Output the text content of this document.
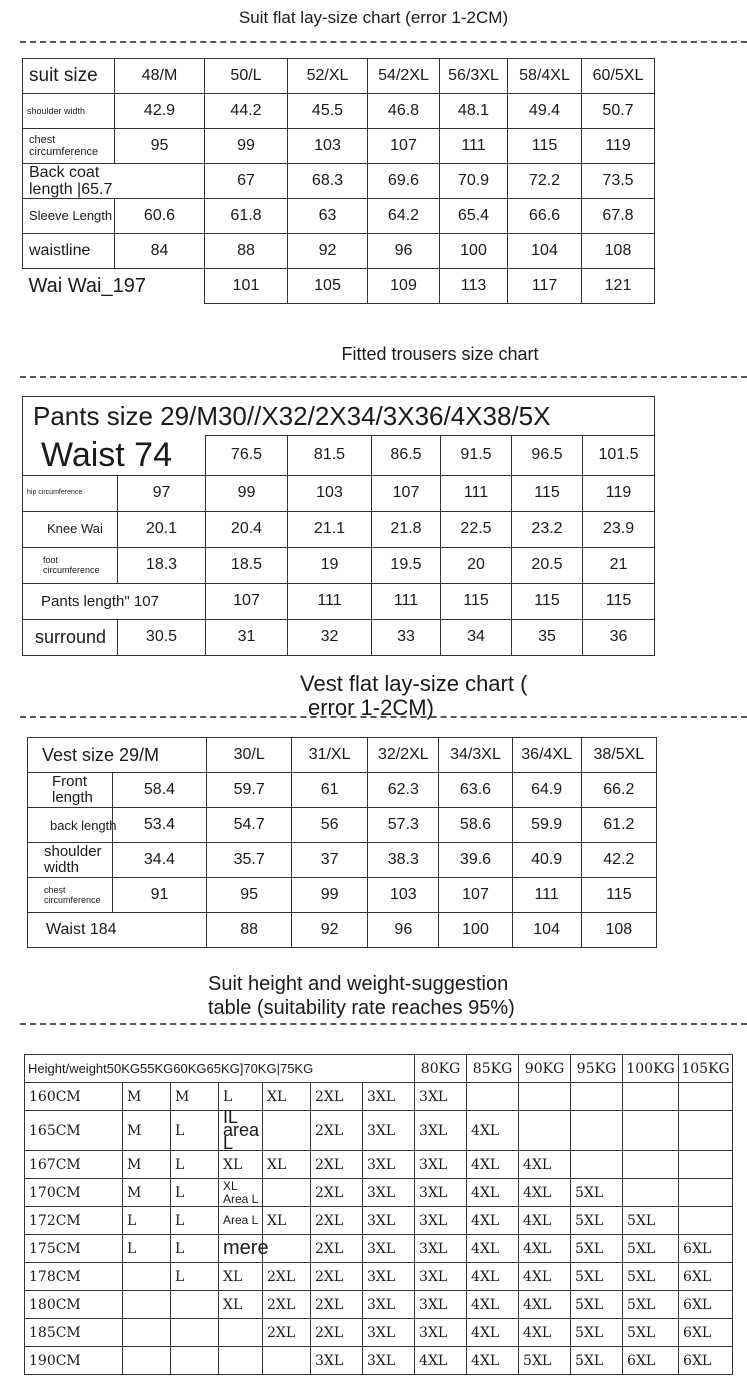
Suit flat lay-size chart (error 1-2CM)
suit size	48/M	50/L	52/XL	54/2XL	56/3XL	58/4XL	60/5XL
shoulder width	42.9	44.2	45.5	46.8	48.1	49.4	50.7
chest circumference	95	99	103	107	111	115	119
Back coat length |65.7		67	68.3	69.6	70.9	72.2	73.5
Sleeve Length	60.6	61.8	63	64.2	65.4	66.6	67.8
waistline	84	88	92	96	100	104	108
Wai Wai_197		101	105	109	113	117	121
Fitted trousers size chart
Pants size 29/M30//X32/2X34/3X36/4X38/5X							
Waist 74		76.5	81.5	86.5	91.5	96.5	101.5
hip circumference	97	99	103	107	111	115	119
Knee Wai	20.1	20.4	21.1	21.8	22.5	23.2	23.9
foot circumference	18.3	18.5	19	19.5	20	20.5	21
Pants length" 107		107	111	111	115	115	115
surround	30.5	31	32	33	34	35	36
Vest flat lay-size chart (
error 1-2CM)
Vest size 29/M		30/L	31/XL	32/2XL	34/3XL	36/4XL	38/5XL
Front length	58.4	59.7	61	62.3	63.6	64.9	66.2
back length	53.4	54.7	56	57.3	58.6	59.9	61.2
shoulder width	34.4	35.7	37	38.3	39.6	40.9	42.2
chest circumference	91	95	99	103	107	111	115
Waist 184		88	92	96	100	104	108
Suit height and weight-suggestion
table (suitability rate reaches 95%)
Height/weight50KG55KG60KG65KG]70KG|75KG							80KG	85KG	90KG	95KG	100KG	105KG
160CM	M	M	L	XL	2XL	3XL	3XL					
165CM	M	L	IL area L		2XL	3XL	3XL	4XL				
167CM	M	L	XL	XL	2XL	3XL	3XL	4XL	4XL			
170CM	M	L	XL Area L		2XL	3XL	3XL	4XL	4XL	5XL		
172CM	L	L	Area L	XL	2XL	3XL	3XL	4XL	4XL	5XL	5XL	
175CM	L	L	mere		2XL	3XL	3XL	4XL	4XL	5XL	5XL	6XL
178CM		L	XL	2XL	2XL	3XL	3XL	4XL	4XL	5XL	5XL	6XL
180CM			XL	2XL	2XL	3XL	3XL	4XL	4XL	5XL	5XL	6XL
185CM				2XL	2XL	3XL	3XL	4XL	4XL	5XL	5XL	6XL
190CM					3XL	3XL	4XL	4XL	5XL	5XL	6XL	6XL
